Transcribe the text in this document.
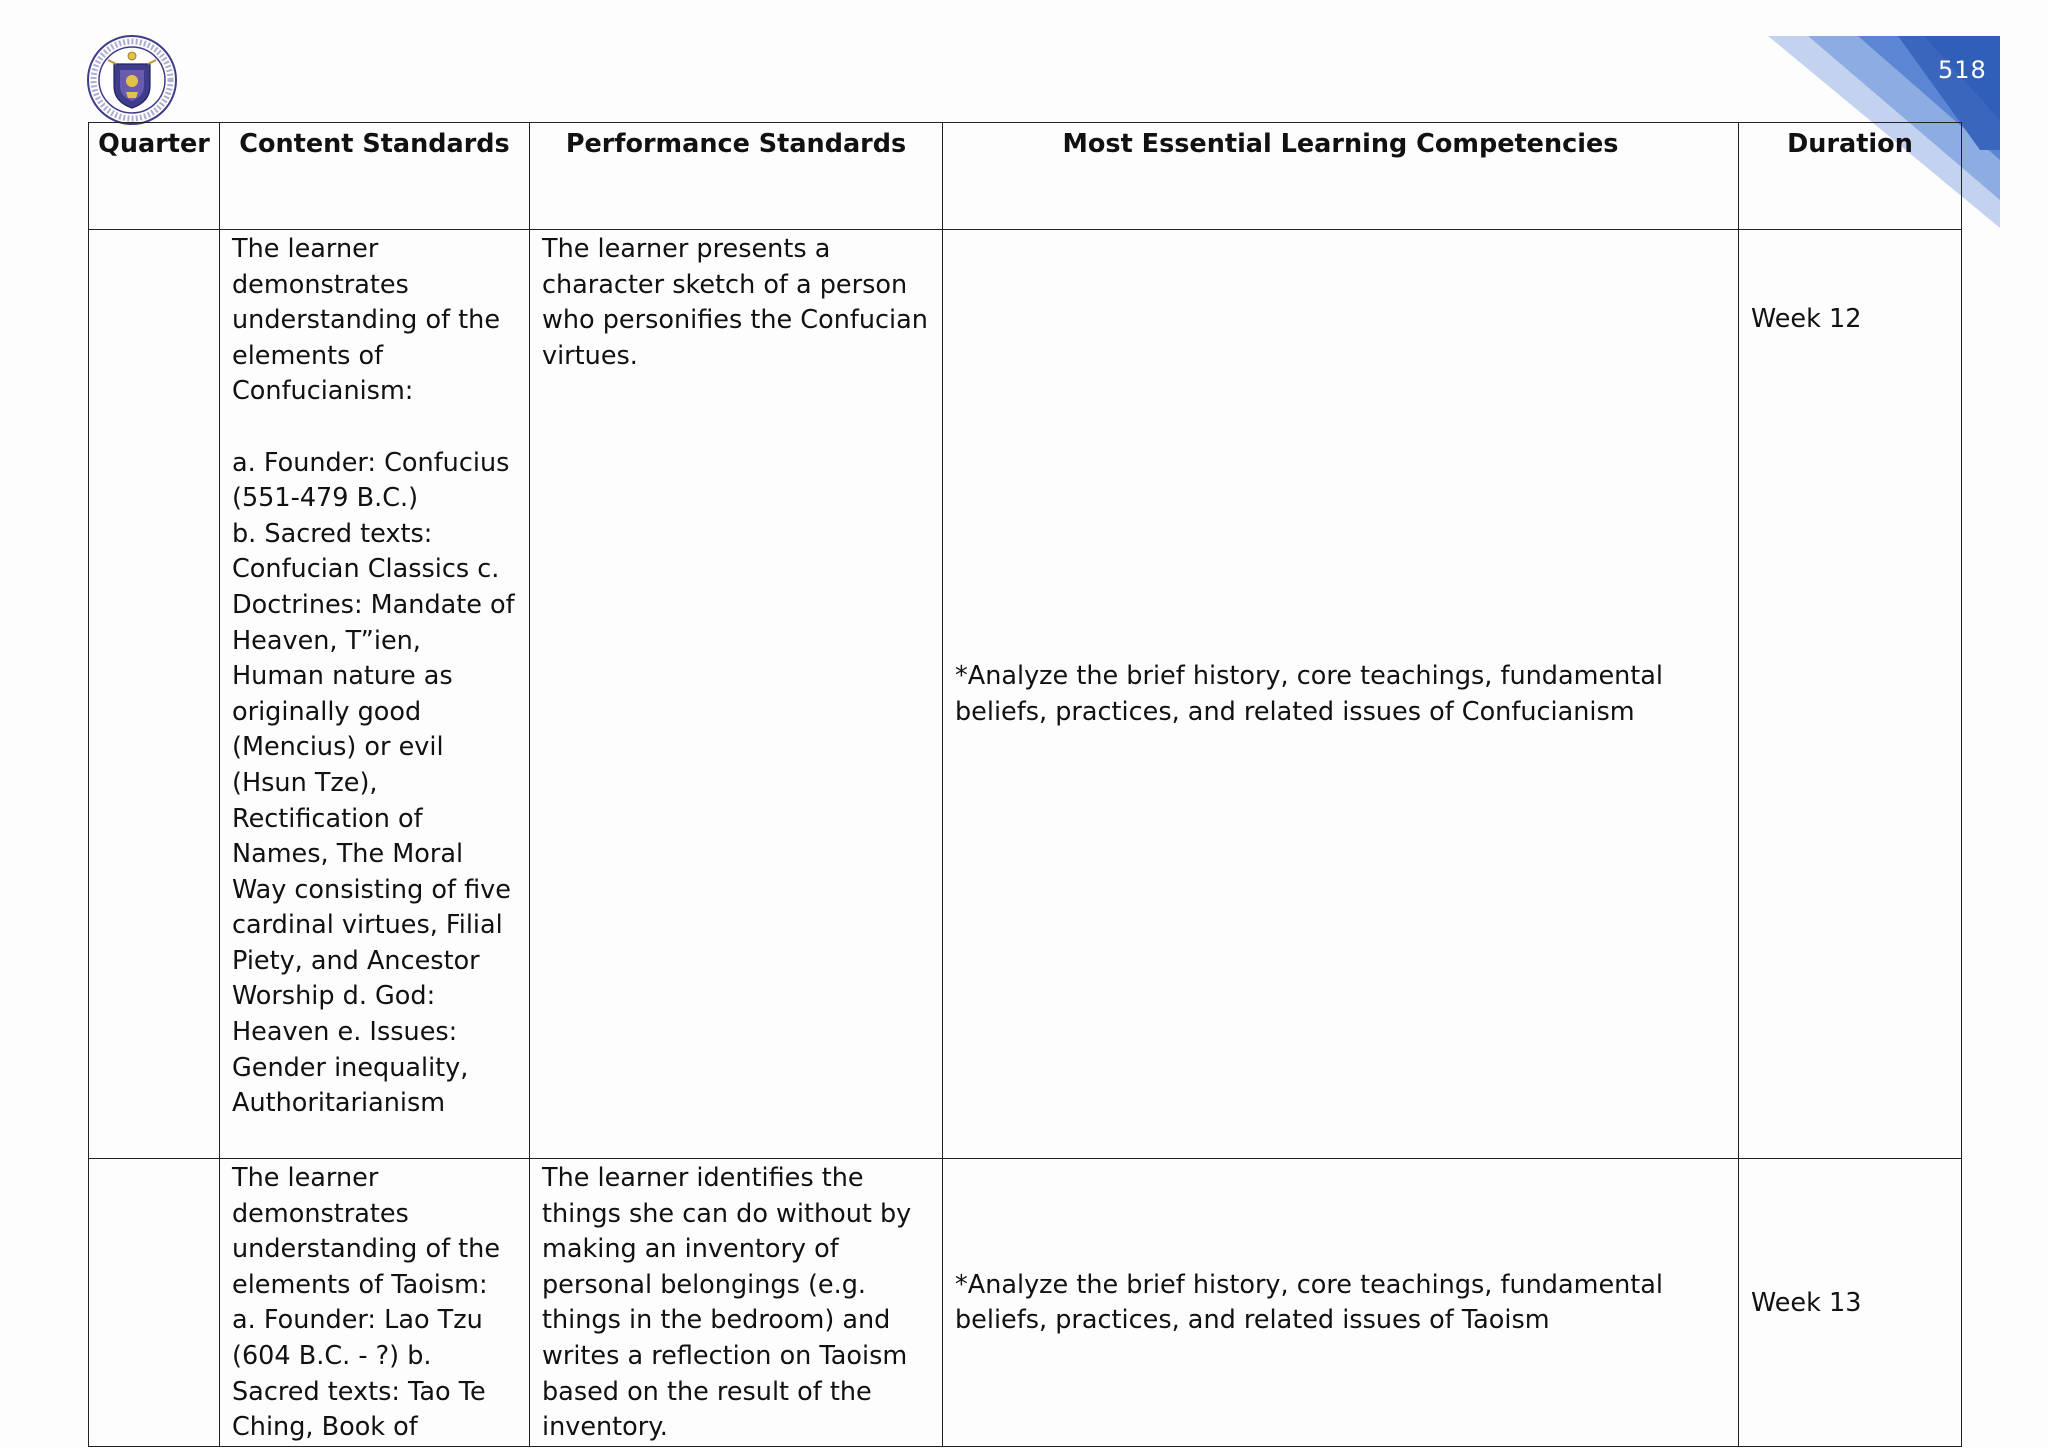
518
Quarter	Content Standards	Performance Standards	Most Essential Learning Competencies	Duration
	The learner demonstrates understanding of the elements of Confucianism:

a. Founder: Confucius (551-479 B.C.)
b. Sacred texts: Confucian Classics c. Doctrines: Mandate of Heaven, T”ien, Human nature as originally good (Mencius) or evil (Hsun Tze), Rectification of Names, The Moral Way consisting of five cardinal virtues, Filial Piety, and Ancestor Worship d. God: Heaven e. Issues: Gender inequality, Authoritarianism	The learner presents a character sketch of a person who personifies the Confucian virtues.	*Analyze the brief history, core teachings, fundamental beliefs, practices, and related issues of Confucianism	Week 12
	The learner demonstrates understanding of the elements of Taoism: a. Founder: Lao Tzu (604 B.C. - ?) b. Sacred texts: Tao Te Ching, Book of	The learner identifies the things she can do without by making an inventory of personal belongings (e.g. things in the bedroom) and writes a reflection on Taoism based on the result of the inventory.	*Analyze the brief history, core teachings, fundamental beliefs, practices, and related issues of Taoism	Week 13
